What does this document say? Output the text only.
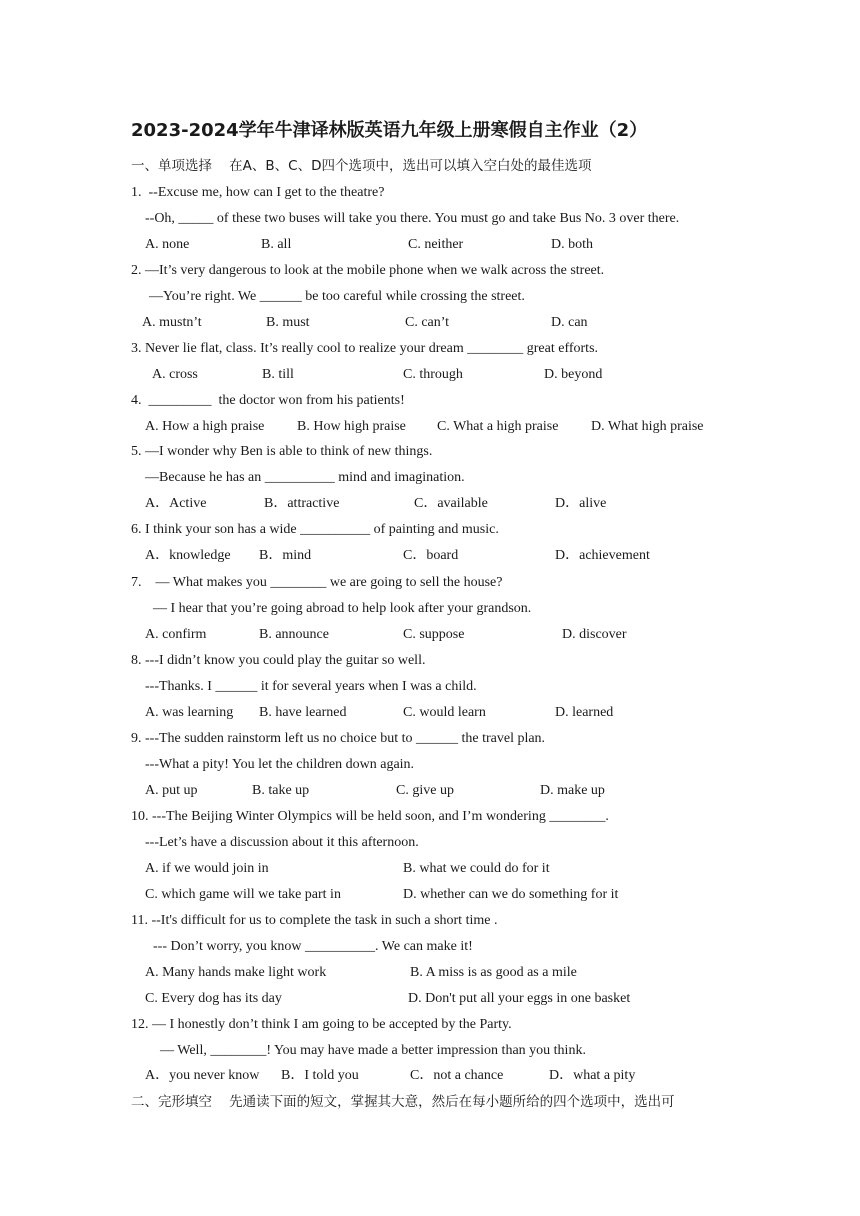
2023-2024学年牛津译林版英语九年级上册寒假自主作业（2）
一、单项选择    在A、B、C、D四个选项中，选出可以填入空白处的最佳选项
1.  --Excuse me, how can I get to the theatre?
--Oh, _____ of these two buses will take you there. You must go and take Bus No. 3 over there.
A. none	B. all	C. neither	D. both
2. —It’s very dangerous to look at the mobile phone when we walk across the street.
—You’re right. We ______ be too careful while crossing the street.
A. mustn’t	B. must	C. can’t	D. can
3. Never lie flat, class. It’s really cool to realize your dream ________ great efforts.
A. cross	B. till	C. through	D. beyond
4.  _________  the doctor won from his patients!
A. How a high praise B. How high praise C. What a high praise D. What high praise
5. —I wonder why Ben is able to think of new things.
—Because he has an __________ mind and imagination.
A．Active	B．attractive	C．available	D．alive
6. I think your son has a wide __________ of painting and music.
A．knowledge B．mind	C．board	D．achievement
7.    — What makes you ________ we are going to sell the house?
— I hear that you’re going abroad to help look after your grandson.
A. confirm	B. announce	C. suppose	D. discover
8. ---I didn’t know you could play the guitar so well.
---Thanks. I ______ it for several years when I was a child.
A. was learning B. have learned	C. would learn	D. learned
9. ---The sudden rainstorm left us no choice but to ______ the travel plan.
---What a pity! You let the children down again.
A. put up	B. take up	C. give up	D. make up
10. ---The Beijing Winter Olympics will be held soon, and I’m wondering ________.
---Let’s have a discussion about it this afternoon.
A. if we would join in	B. what we could do for it
C. which game will we take part in	D. whether can we do something for it
11. --It's difficult for us to complete the task in such a short time .
--- Don’t worry, you know __________. We can make it!
A. Many hands make light work	B. A miss is as good as a mile
C. Every dog has its day	D. Don't put all your eggs in one basket
12. — I honestly don’t think I am going to be accepted by the Party.
— Well, ________! You may have made a better impression than you think.
A．you never know B．I told you	C．not a chance	D．what a pity
二、完形填空    先通读下面的短文，掌握其大意，然后在每小题所给的四个选项中，选出可
